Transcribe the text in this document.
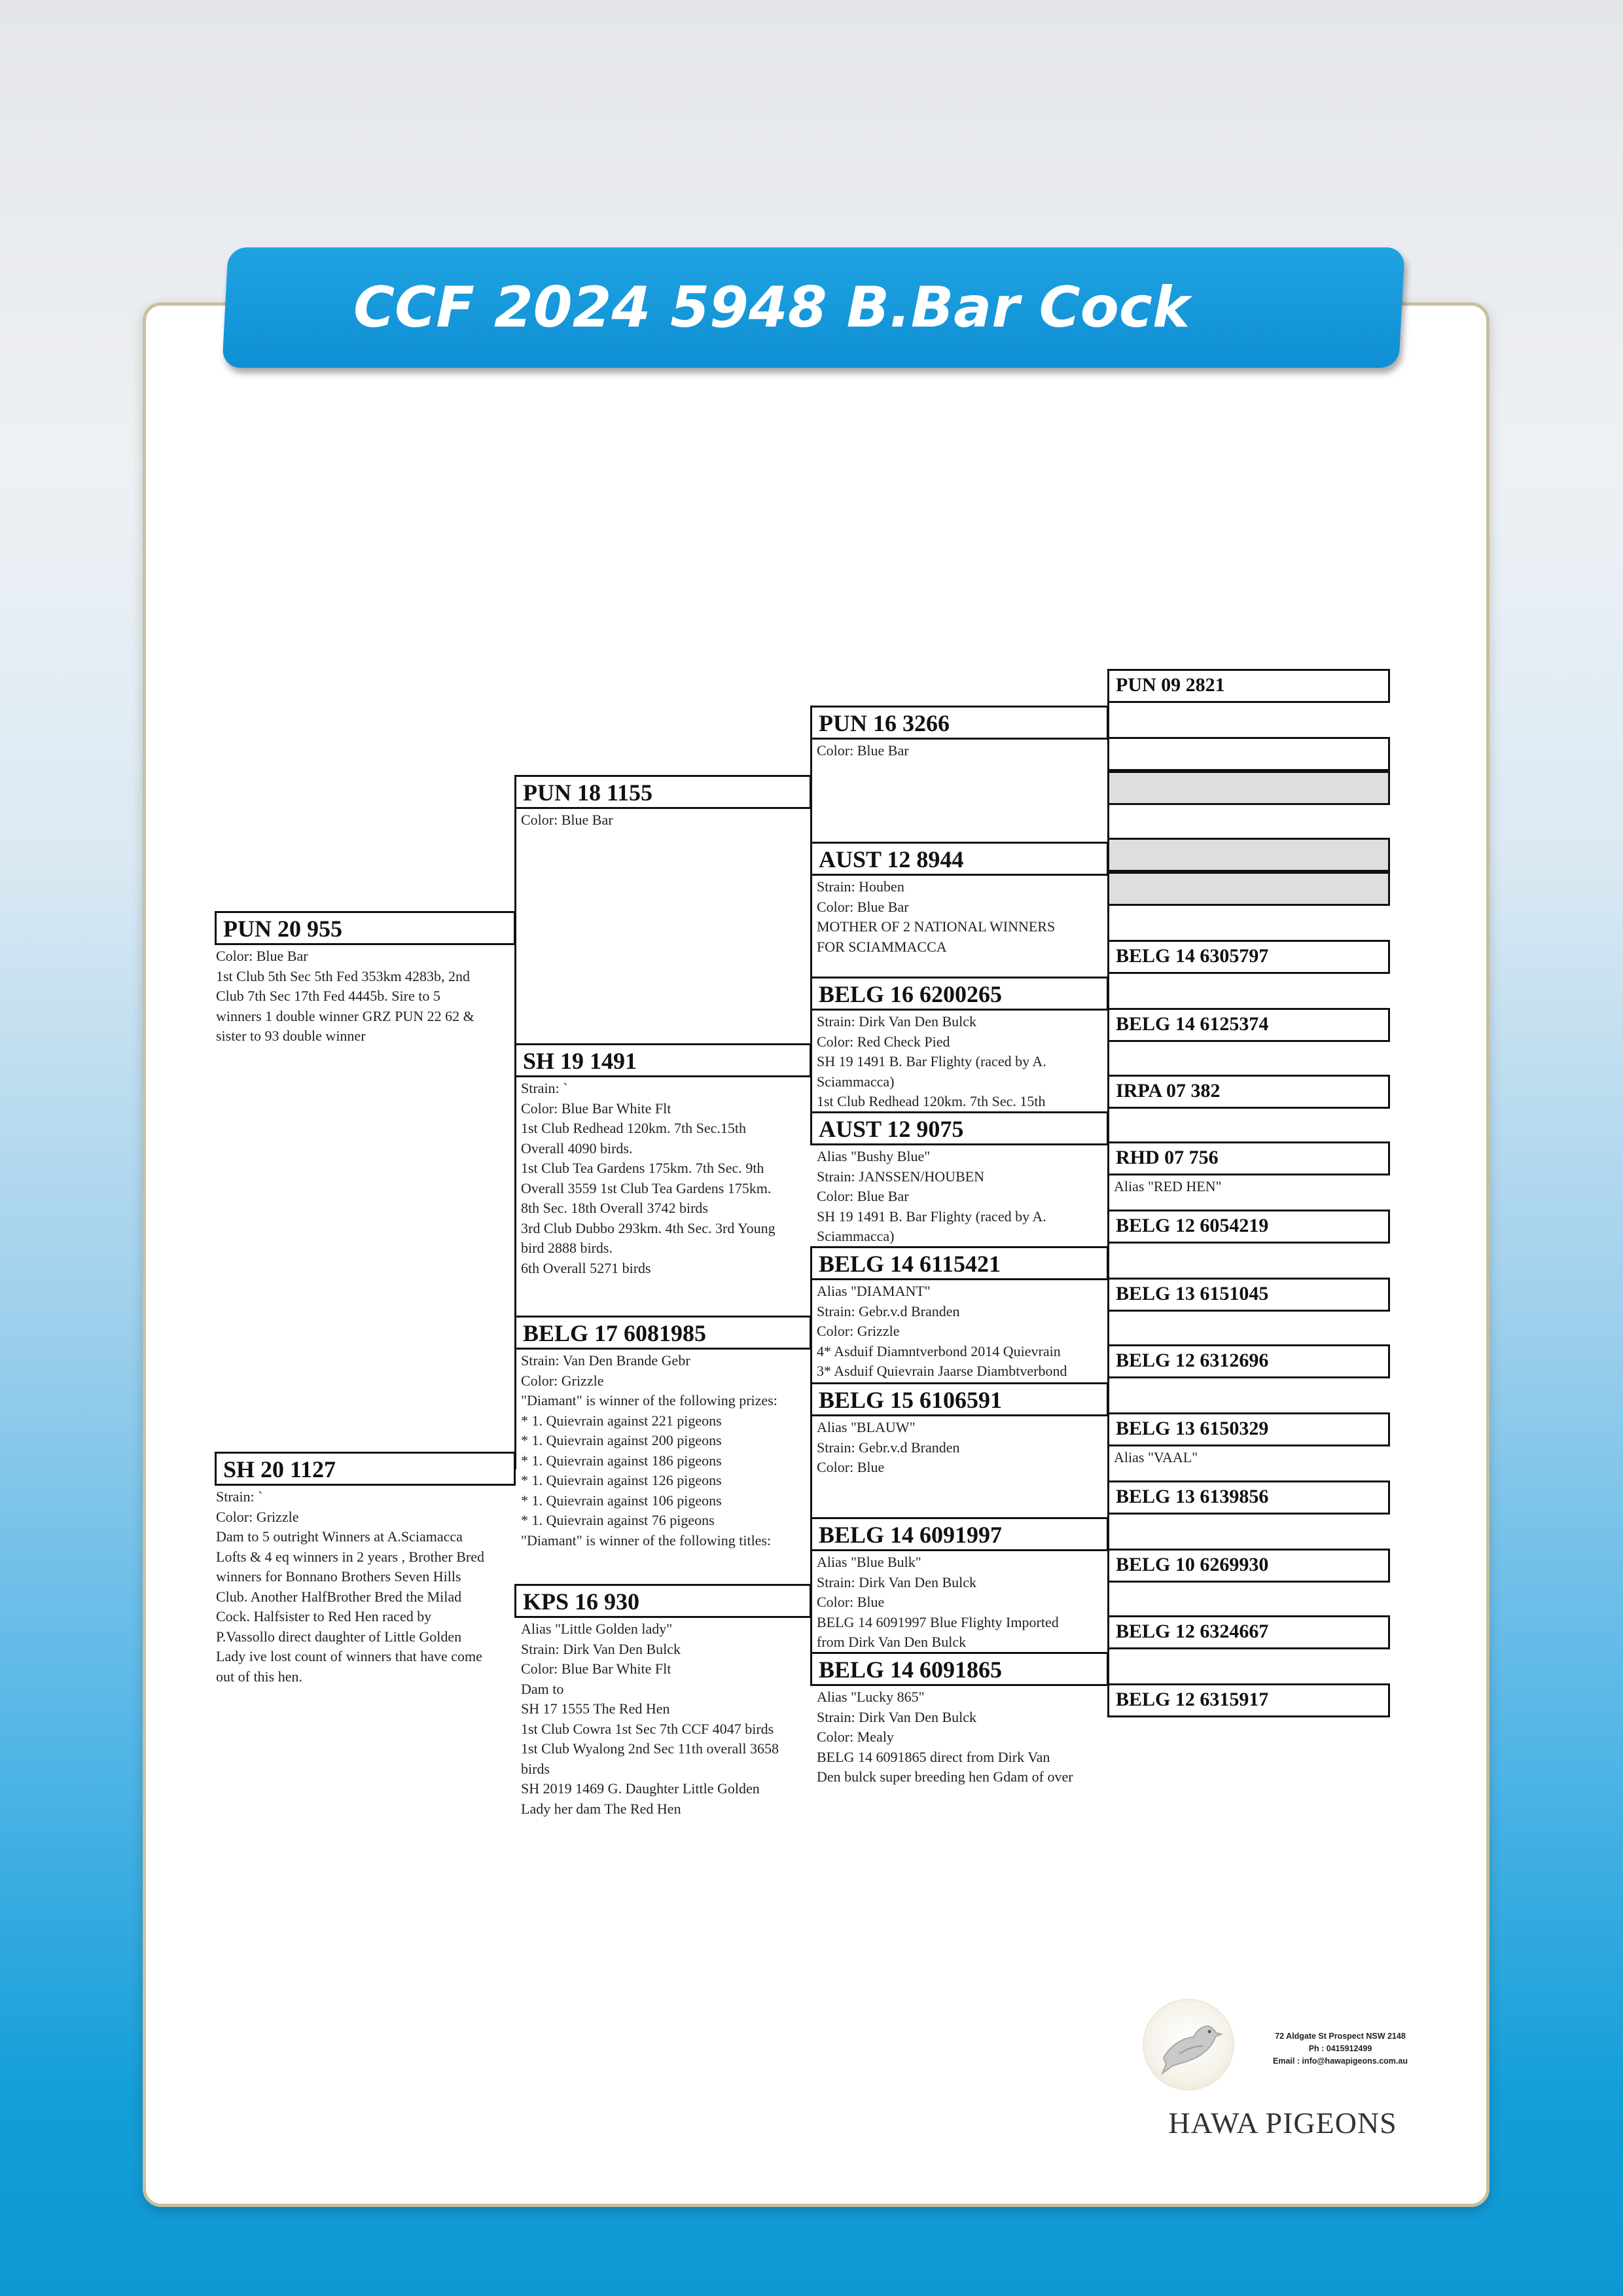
CCF 2024 5948 B.Bar Cock
PUN 20 955
Color: Blue Bar
1st Club 5th Sec 5th Fed 353km 4283b, 2nd
Club 7th Sec 17th Fed 4445b. Sire to 5
winners 1 double winner GRZ PUN 22 62 &
sister to 93 double winner
SH 20 1127
Strain: `
Color: Grizzle
Dam to 5 outright Winners at A.Sciamacca
Lofts & 4 eq winners in 2 years , Brother Bred
winners for Bonnano Brothers Seven Hills
Club. Another HalfBrother Bred the Milad
Cock. Halfsister to Red Hen raced by
P.Vassollo direct daughter of Little Golden
Lady ive lost count of winners that have come
out of this hen.
PUN 18 1155
Color: Blue Bar
SH 19 1491
Strain: `
Color: Blue Bar White Flt
1st Club Redhead 120km. 7th Sec.15th
Overall 4090 birds.
1st Club Tea Gardens 175km. 7th Sec. 9th
Overall 3559 1st Club Tea Gardens 175km.
8th Sec. 18th Overall 3742 birds
3rd Club Dubbo 293km. 4th Sec. 3rd Young
bird 2888 birds.
6th Overall 5271 birds
BELG 17 6081985
Strain: Van Den Brande Gebr
Color: Grizzle
"Diamant" is winner of the following prizes:
* 1. Quievrain against 221 pigeons
* 1. Quievrain against 200 pigeons
* 1. Quievrain against 186 pigeons
* 1. Quievrain against 126 pigeons
* 1. Quievrain against 106 pigeons
* 1. Quievrain against 76 pigeons
"Diamant" is winner of the following titles:
KPS 16 930
Alias "Little Golden lady"
Strain: Dirk Van Den Bulck
Color: Blue Bar White Flt
Dam to
SH 17 1555 The Red Hen
1st Club Cowra 1st Sec 7th CCF 4047 birds
1st Club Wyalong 2nd Sec 11th overall 3658
birds
SH 2019 1469 G. Daughter Little Golden
Lady her dam The Red Hen
PUN 16 3266
Color: Blue Bar
AUST 12 8944
Strain: Houben
Color: Blue Bar
MOTHER OF 2 NATIONAL WINNERS
FOR SCIAMMACCA
BELG 16 6200265
Strain: Dirk Van Den Bulck
Color: Red Check Pied
SH 19 1491 B. Bar Flighty (raced by A.
Sciammacca)
1st Club Redhead 120km. 7th Sec. 15th
AUST 12 9075
Alias "Bushy Blue"
Strain: JANSSEN/HOUBEN
Color: Blue Bar
SH 19 1491 B. Bar Flighty (raced by A.
Sciammacca)
BELG 14 6115421
Alias "DIAMANT"
Strain: Gebr.v.d Branden
Color: Grizzle
4* Asduif Diamntverbond 2014 Quievrain
3* Asduif Quievrain Jaarse Diambtverbond
BELG 15 6106591
Alias "BLAUW"
Strain: Gebr.v.d Branden
Color: Blue
BELG 14 6091997
Alias "Blue Bulk"
Strain: Dirk Van Den Bulck
Color: Blue
BELG 14 6091997 Blue Flighty Imported
from Dirk Van Den Bulck
BELG 14 6091865
Alias "Lucky 865"
Strain: Dirk Van Den Bulck
Color: Mealy
BELG 14 6091865 direct from Dirk Van
Den bulck super breeding hen Gdam of over
PUN 09 2821
BELG 14 6305797
BELG 14 6125374
IRPA 07 382
RHD 07 756
Alias "RED HEN"
BELG 12 6054219
BELG 13 6151045
BELG 12 6312696
BELG 13 6150329
Alias "VAAL"
BELG 13 6139856
BELG 10 6269930
BELG 12 6324667
BELG 12 6315917
72 Aldgate St Prospect NSW 2148
Ph : 0415912499
Email : info@hawapigeons.com.au
HAWA PIGEONS
